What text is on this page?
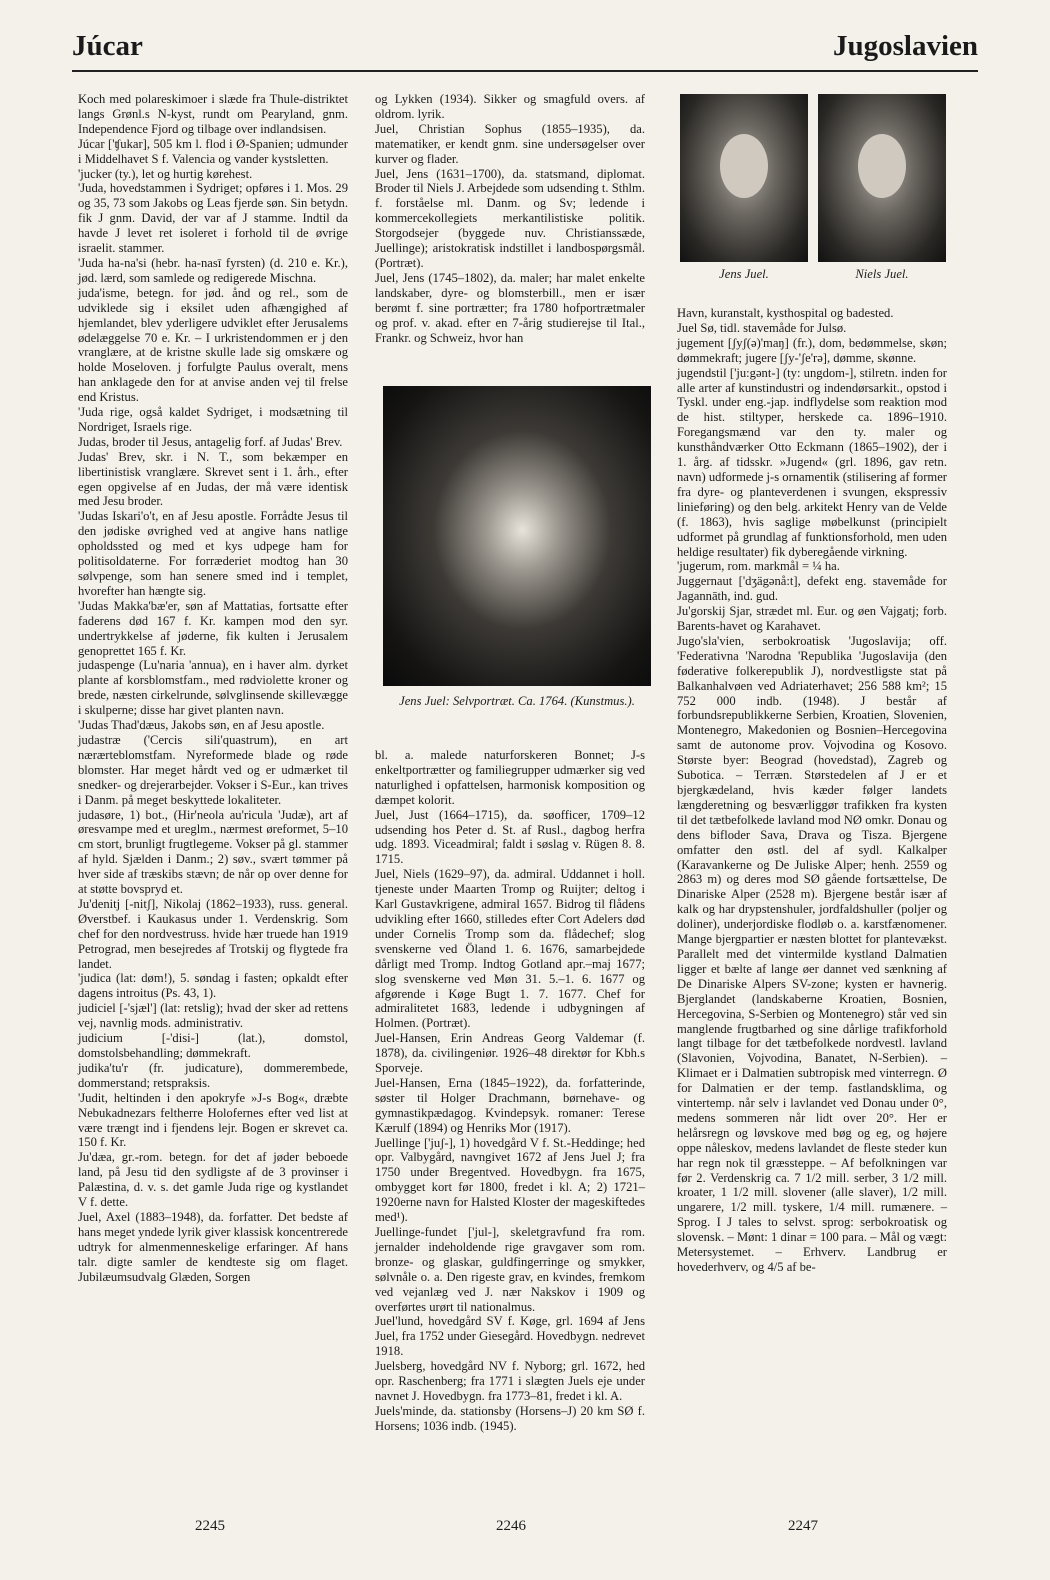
Júcar	Jugoslavien

Koch med polareskimoer i slæde fra Thule-distriktet langs Grønl.s N-kyst, rundt om Pearyland, gnm. Independence Fjord og tilbage over indlandsisen.

Júcar ['ʧukar], 505 km l. flod i Ø-Spanien; udmunder i Middelhavet S f. Valencia og vander kystsletten.

'jucker (ty.), let og hurtig kørehest.

'Juda, hovedstammen i Sydriget; opføres i 1. Mos. 29 og 35, 73 som Jakobs og Leas fjerde søn. Sin betydn. fik J gnm. David, der var af J stamme. Indtil da havde J levet ret isoleret i forhold til de øvrige israelit. stammer.

'Juda ha-na'si (hebr. ha-nasī fyrsten) (d. 210 e. Kr.), jød. lærd, som samlede og redigerede Mischna.

juda'isme, betegn. for jød. ånd og rel., som de udviklede sig i eksilet uden afhængighed af hjemlandet, blev yderligere udviklet efter Jerusalems ødelæggelse 70 e. Kr. – I urkristendommen er j den vranglære, at de kristne skulle lade sig omskære og holde Moseloven. j forfulgte Paulus overalt, mens han anklagede den for at anvise anden vej til frelse end Kristus.

'Juda rige, også kaldet Sydriget, i modsætning til Nordriget, Israels rige.

Judas, broder til Jesus, antagelig forf. af Judas' Brev.

Judas' Brev, skr. i N. T., som bekæmper en libertinistisk vranglære. Skrevet sent i 1. årh., efter egen opgivelse af en Judas, der må være identisk med Jesu broder.

'Judas Iskari'o't, en af Jesu apostle. Forrådte Jesus til den jødiske øvrighed ved at angive hans natlige opholdssted og med et kys udpege ham for politisoldaterne. For forræderiet modtog han 30 sølvpenge, som han senere smed ind i templet, hvorefter han hængte sig.

'Judas Makka'bæ'er, søn af Mattatias, fortsatte efter faderens død 167 f. Kr. kampen mod den syr. undertrykkelse af jøderne, fik kulten i Jerusalem genoprettet 165 f. Kr.

judaspenge (Lu'naria 'annua), en i haver alm. dyrket plante af korsblomstfam., med rødviolette kroner og brede, næsten cirkelrunde, sølvglinsende skillevægge i skulperne; disse har givet planten navn.

'Judas Thad'dæus, Jakobs søn, en af Jesu apostle.

judastræ ('Cercis sili'quastrum), en art nærærteblomstfam. Nyreformede blade og røde blomster. Har meget hårdt ved og er udmærket til snedker- og drejerarbejder. Vokser i S-Eur., kan trives i Danm. på meget beskyttede lokaliteter.

judasøre, 1) bot., (Hir'neola au'ricula 'Judæ), art af øresvampe med et ureglm., nærmest øreformet, 5–10 cm stort, brunligt frugtlegeme. Vokser på gl. stammer af hyld. Sjælden i Danm.; 2) søv., svært tømmer på hver side af træskibs stævn; de når op over denne for at støtte bovspryd et.

Ju'denitj [-nitʃ], Nikolaj (1862–1933), russ. general. Øverstbef. i Kaukasus under 1. Verdenskrig. Som chef for den nordvestruss. hvide hær truede han 1919 Petrograd, men besejredes af Trotskij og flygtede fra landet.

'judica (lat: døm!), 5. søndag i fasten; opkaldt efter dagens introitus (Ps. 43, 1).

judiciel [-'sjæl'] (lat: retslig); hvad der sker ad rettens vej, navnlig mods. administrativ.

judicium [-'disi-] (lat.), domstol, domstolsbehandling; dømmekraft.

judika'tu'r (fr. judicature), dommerembede, dommerstand; retspraksis.

'Judit, heltinden i den apokryfe »J-s Bog«, dræbte Nebukadnezars feltherre Holofernes efter ved list at være trængt ind i fjendens lejr. Bogen er skrevet ca. 150 f. Kr.

Ju'dæa, gr.-rom. betegn. for det af jøder beboede land, på Jesu tid den sydligste af de 3 provinser i Palæstina, d. v. s. det gamle Juda rige og kystlandet V f. dette.

Juel, Axel (1883–1948), da. forfatter. Det bedste af hans meget yndede lyrik giver klassisk koncentrerede udtryk for almenmenneskelige erfaringer. Af hans talr. digte samler de kendteste sig om flaget. Jubilæumsudvalg Glæden, Sorgen

og Lykken (1934). Sikker og smagfuld overs. af oldrom. lyrik.

Juel, Christian Sophus (1855–1935), da. matematiker, er kendt gnm. sine undersøgelser over kurver og flader.

Juel, Jens (1631–1700), da. statsmand, diplomat. Broder til Niels J. Arbejdede som udsending t. Sthlm. f. forståelse ml. Danm. og Sv; ledende i kommercekollegiets merkantilistiske politik. Storgodsejer (byggede nuv. Christianssæde, Juellinge); aristokratisk indstillet i landbospørgsmål. (Portræt).

Juel, Jens (1745–1802), da. maler; har malet enkelte landskaber, dyre- og blomsterbill., men er især berømt f. sine portrætter; fra 1780 hofportrætmaler og prof. v. akad. efter en 7-årig studierejse til Ital., Frankr. og Schweiz, hvor han

Jens Juel: Selvportræt. Ca. 1764. (Kunstmus.).

bl. a. malede naturforskeren Bonnet; J-s enkeltportrætter og familiegrupper udmærker sig ved naturlighed i opfattelsen, harmonisk komposition og dæmpet kolorit.

Juel, Just (1664–1715), da. søofficer, 1709–12 udsending hos Peter d. St. af Rusl., dagbog herfra udg. 1893. Viceadmiral; faldt i søslag v. Rügen 8. 8. 1715.

Juel, Niels (1629–97), da. admiral. Uddannet i holl. tjeneste under Maarten Tromp og Ruijter; deltog i Karl Gustavkrigene, admiral 1657. Bidrog til flådens udvikling efter 1660, stilledes efter Cort Adelers død under Cornelis Tromp som da. flådechef; slog svenskerne ved Öland 1. 6. 1676, samarbejdede dårligt med Tromp. Indtog Gotland apr.–maj 1677; slog svenskerne ved Møn 31. 5.–1. 6. 1677 og afgørende i Køge Bugt 1. 7. 1677. Chef for admiralitetet 1683, ledende i udbygningen af Holmen. (Portræt).

Juel-Hansen, Erin Andreas Georg Valdemar (f. 1878), da. civilingeniør. 1926–48 direktør for Kbh.s Sporveje.

Juel-Hansen, Erna (1845–1922), da. forfatterinde, søster til Holger Drachmann, børnehave- og gymnastikpædagog. Kvindepsyk. romaner: Terese Kærulf (1894) og Henriks Mor (1917).

Juellinge ['juʃ-], 1) hovedgård V f. St.-Heddinge; hed opr. Valbygård, navngivet 1672 af Jens Juel J; fra 1750 under Bregentved. Hovedbygn. fra 1675, ombygget kort før 1800, fredet i kl. A; 2) 1721–1920erne navn for Halsted Kloster der mageskiftedes med¹).

Juellinge-fundet ['jul-], skeletgravfund fra rom. jernalder indeholdende rige gravgaver som rom. bronze- og glaskar, guldfingerringe og smykker, sølvnåle o. a. Den rigeste grav, en kvindes, fremkom ved vejanlæg ved J. nær Nakskov i 1909 og overførtes urørt til nationalmus.

Juel'lund, hovedgård SV f. Køge, grl. 1694 af Jens Juel, fra 1752 under Giesegård. Hovedbygn. nedrevet 1918.

Juelsberg, hovedgård NV f. Nyborg; grl. 1672, hed opr. Raschenberg; fra 1771 i slægten Juels eje under navnet J. Hovedbygn. fra 1773–81, fredet i kl. A.

Juels'minde, da. stationsby (Horsens–J) 20 km SØ f. Horsens; 1036 indb. (1945).

Jens Juel.	Niels Juel.

Havn, kuranstalt, kysthospital og badested.

Juel Sø, tidl. stavemåde for Julsø.

jugement [ʃyʃ(ə)'maŋ] (fr.), dom, bedømmelse, skøn; dømmekraft; jugere [ʃy-'ʃe'rə], dømme, skønne.

jugendstil ['ju:gənt-] (ty: ungdom-], stilretn. inden for alle arter af kunstindustri og indendørsarkit., opstod i Tyskl. under eng.-jap. indflydelse som reaktion mod de hist. stiltyper, herskede ca. 1896–1910. Foregangsmænd var den ty. maler og kunsthåndværker Otto Eckmann (1865–1902), der i 1. årg. af tidsskr. »Jugend« (grl. 1896, gav retn. navn) udformede j-s ornamentik (stilisering af former fra dyre- og planteverdenen i svungen, ekspressiv linieføring) og den belg. arkitekt Henry van de Velde (f. 1863), hvis saglige møbelkunst (principielt udformet på grundlag af funktionsforhold, men uden heldige resultater) fik dyberegående virkning.

'jugerum, rom. markmål = ¼ ha.

Juggernaut ['dʒägənå:t], defekt eng. stavemåde for Jagannāth, ind. gud.

Ju'gorskij Sjar, strædet ml. Eur. og øen Vajgatj; forb. Barents-havet og Karahavet.

Jugo'sla'vien, serbokroatisk 'Jugoslavija; off. 'Federativna 'Narodna 'Republika 'Jugoslavija (den føderative folkerepublik J), nordvestligste stat på Balkanhalvøen ved Adriaterhavet; 256 588 km²; 15 752 000 indb. (1948). J består af forbundsrepublikkerne Serbien, Kroatien, Slovenien, Montenegro, Makedonien og Bosnien–Hercegovina samt de autonome prov. Vojvodina og Kosovo. Største byer: Beograd (hovedstad), Zagreb og Subotica. – Terræn. Størstedelen af J er et bjergkædeland, hvis kæder følger landets længderetning og besværliggør trafikken fra kysten til det tætbefolkede lavland mod NØ omkr. Donau og dens bifloder Sava, Drava og Tisza. Bjergene omfatter den østl. del af sydl. Kalkalper (Karavankerne og De Juliske Alper; henh. 2559 og 2863 m) og deres mod SØ gående fortsættelse, De Dinariske Alper (2528 m). Bjergene består især af kalk og har drypstenshuler, jordfaldshuller (poljer og doliner), underjordiske flodløb o. a. karstfænomener. Mange bjergpartier er næsten blottet for plantevækst. Parallelt med det vintermilde kystland Dalmatien ligger et bælte af lange øer dannet ved sænkning af De Dinariske Alpers SV-zone; kysten er havnerig. Bjerglandet (landskaberne Kroatien, Bosnien, Hercegovina, S-Serbien og Montenegro) står ved sin manglende frugtbarhed og sine dårlige trafikforhold langt tilbage for det tætbefolkede nordvestl. lavland (Slavonien, Vojvodina, Banatet, N-Serbien). – Klimaet er i Dalmatien subtropisk med vinterregn. Ø for Dalmatien er der temp. fastlandsklima, og vintertemp. når selv i lavlandet ved Donau under 0°, medens sommeren når lidt over 20°. Her er helårsregn og løvskove med bøg og eg, og højere oppe nåleskov, medens lavlandet de fleste steder kun har regn nok til græssteppe. – Af befolkningen var før 2. Verdenskrig ca. 7 1/2 mill. serber, 3 1/2 mill. kroater, 1 1/2 mill. slovener (alle slaver), 1/2 mill. ungarere, 1/2 mill. tyskere, 1/4 mill. rumænere. – Sprog. I J tales to selvst. sprog: serbokroatisk og slovensk. – Mønt: 1 dinar = 100 para. – Mål og vægt: Metersystemet. – Erhverv. Landbrug er hovederhverv, og 4/5 af be-

2245	2246	2247
